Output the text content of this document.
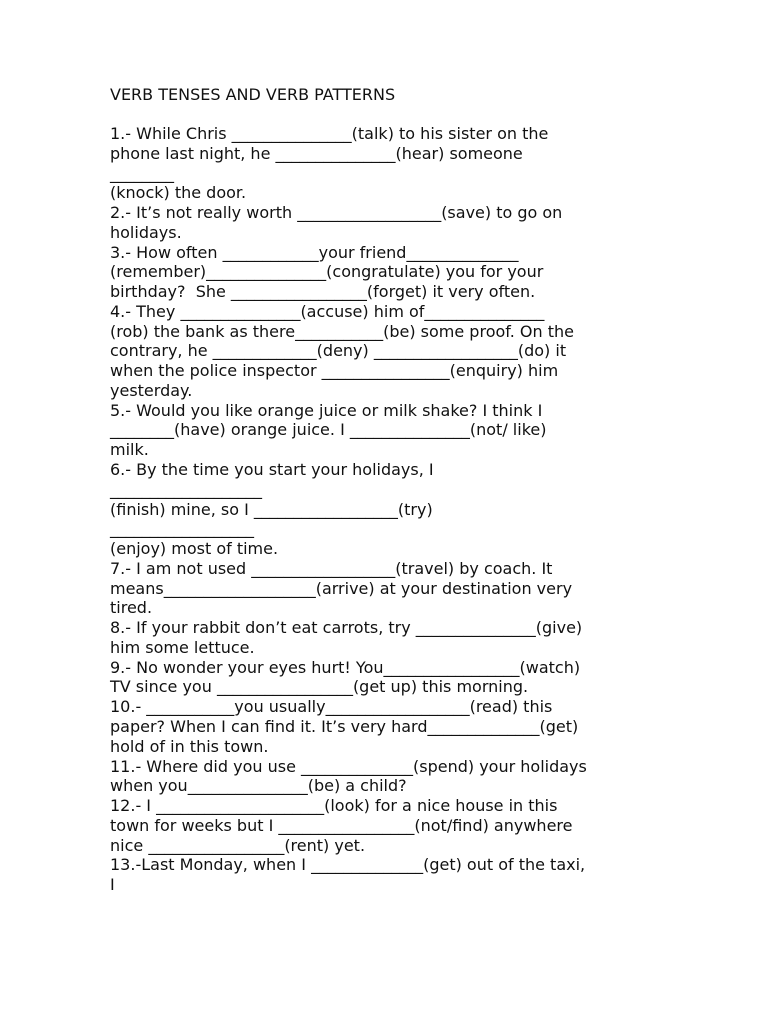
VERB TENSES AND VERB PATTERNS

1.- While Chris _______________(talk) to his sister on the
phone last night, he _______________(hear) someone
________
(knock) the door.
2.- It’s not really worth __________________(save) to go on
holidays.
3.- How often ____________your friend______________
(remember)_______________(congratulate) you for your
birthday?  She _________________(forget) it very often.
4.- They _______________(accuse) him of_______________
(rob) the bank as there___________(be) some proof. On the
contrary, he _____________(deny) __________________(do) it
when the police inspector ________________(enquiry) him
yesterday.
5.- Would you like orange juice or milk shake? I think I
________(have) orange juice. I _______________(not/ like)
milk.
6.- By the time you start your holidays, I
___________________
(finish) mine, so I __________________(try)
__________________
(enjoy) most of time.
7.- I am not used __________________(travel) by coach. It
means___________________(arrive) at your destination very
tired.
8.- If your rabbit don’t eat carrots, try _______________(give)
him some lettuce.
9.- No wonder your eyes hurt! You_________________(watch)
TV since you _________________(get up) this morning.
10.- ___________you usually__________________(read) this
paper? When I can find it. It’s very hard______________(get)
hold of in this town.
11.- Where did you use ______________(spend) your holidays
when you_______________(be) a child?
12.- I _____________________(look) for a nice house in this
town for weeks but I _________________(not/find) anywhere
nice _________________(rent) yet.
13.-Last Monday, when I ______________(get) out of the taxi,
I
